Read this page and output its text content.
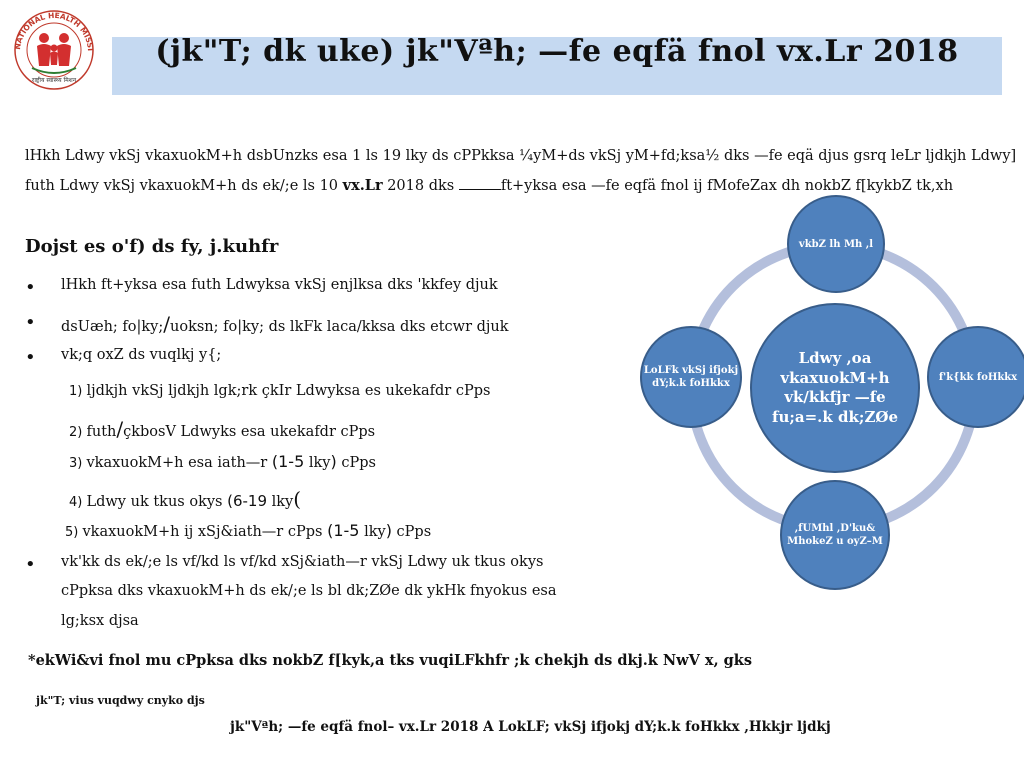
राष्ट्रीय स्वास्थ्य मिशन
NATIONAL HEALTH MISSI	(jk"T; dk uke) jk"Vªh; —fe eqfä fnol vx.Lr 2018
lHkh Ldwy vkSj vkaxuokM+h dsbUnzks esa 1 ls 19 lky ds cPPkksa ¼yM+ds vkSj yM+fd;ksa½ dks —fe eqä djus gsrq leLr ljdkjh Ldwy]
futh Ldwy vkSj vkaxuokM+h ds ek/;e ls 10 vx.Lr 2018 dks	ft+yksa esa —fe eqfä fnol ij fMofeZax dh nokbZ f[kykbZ tk,xh
Dojst es o'f) ds fy, j.kuhfr
• lHkh ft+yksa esa futh Ldwyksa vkSj enjlksa dks 'kkfey djuk
• dsUæh; fo|ky;/uoksn; fo|ky; ds lkFk laca/kksa dks etcwr djuk
• vk;q oxZ ds vuqlkj y{;
1) ljdkjh vkSj ljdkjh lgk;rk çkIr Ldwyksa es ukekafdr cPps
2) futh/çkbosV Ldwyks esa ukekafdr cPps
3) vkaxuokM+h esa iath—r (1-5 lky) cPps
4) Ldwy uk tkus okys (6-19 lky(
5) vkaxuokM+h ij xSj&iath—r cPps (1-5 lky) cPps
• vk'kk ds ek/;e ls vf/kd ls vf/kd xSj&iath—r vkSj Ldwy uk tkus okys
cPpksa dks vkaxuokM+h ds ek/;e ls bl dk;ZØe dk ykHk fnyokus esa
lg;ksx djsa
vkbZ lh Mh ,l
LoLFk vkSj ifjokj dY;k.k foHkkx
f'k{kk foHkkx
,fUMhl ,D'ku& MhokeZ u oyZ–M
Ldwy ,oa vkaxuokM+h vk/kkfjr —fe fu;a=.k dk;ZØe
*ekWi&vi fnol mu cPpksa dks nokbZ f[kyk,a tks vuqiLFkhfr ;k chekjh ds dkj.k NwV x, gks
jk"T; vius vuqdwy cnyko djs
jk"Vªh; —fe eqfä fnol– vx.Lr 2018 A LokLF; vkSj ifjokj dY;k.k foHkkx ,Hkkjr ljdkj
